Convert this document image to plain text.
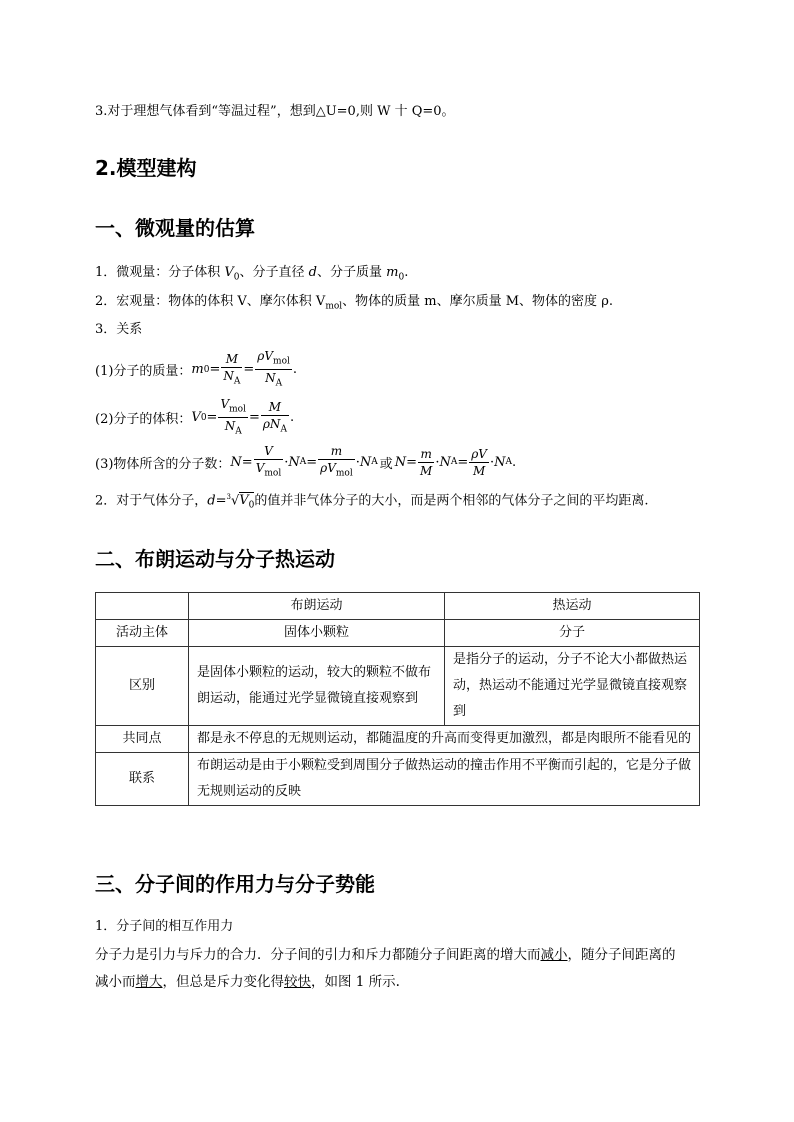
3.对于理想气体看到“等温过程”，想到△U=0,则 W 十 Q=0。
2.模型建构
一、微观量的估算
1．微观量：分子体积 $V_0$、分子直径 d、分子质量 $m_0$.
2．宏观量：物体的体积 V、摩尔体积 $V_{mol}$、物体的质量 m、摩尔质量 M、物体的密度 ρ.
3．关系
(1)分子的质量： m $0 = \frac{M}{N_A} = \frac{\rho V_{mol}}{N_A}$ .
(2)分子的体积： V $0 = \frac{V_{mol}}{N_A} = \frac{M}{\rho N_A}$ .
(3)物体所含的分子数： $N = \frac{V}{V_{mol}} \cdot N$ $A = \frac{m}{\rho V_{mol}} \cdot N$ A 或 $N = \frac{m}{M} \cdot N$ $A = \frac{\rho V}{M} \cdot N$ A .
2．对于气体分子，$d=^3√V_0$的值并非气体分子的大小，而是两个相邻的气体分子之间的平均距离.
二、布朗运动与分子热运动
	布朗运动	热运动
活动主体	固体小颗粒	分子
区别	是固体小颗粒的运动，较大的颗粒不做布朗运动，能通过光学显微镜直接观察到	是指分子的运动，分子不论大小都做热运动，热运动不能通过光学显微镜直接观察到
共同点	都是永不停息的无规则运动，都随温度的升高而变得更加激烈，都是肉眼所不能看见的	
联系	布朗运动是由于小颗粒受到周围分子做热运动的撞击作用不平衡而引起的，它是分子做无规则运动的反映	
三、分子间的作用力与分子势能
1．分子间的相互作用力
分子力是引力与斥力的合力．分子间的引力和斥力都随分子间距离的增大而减小，随分子间距离的
减小而增大，但总是斥力变化得较快，如图 1 所示.
